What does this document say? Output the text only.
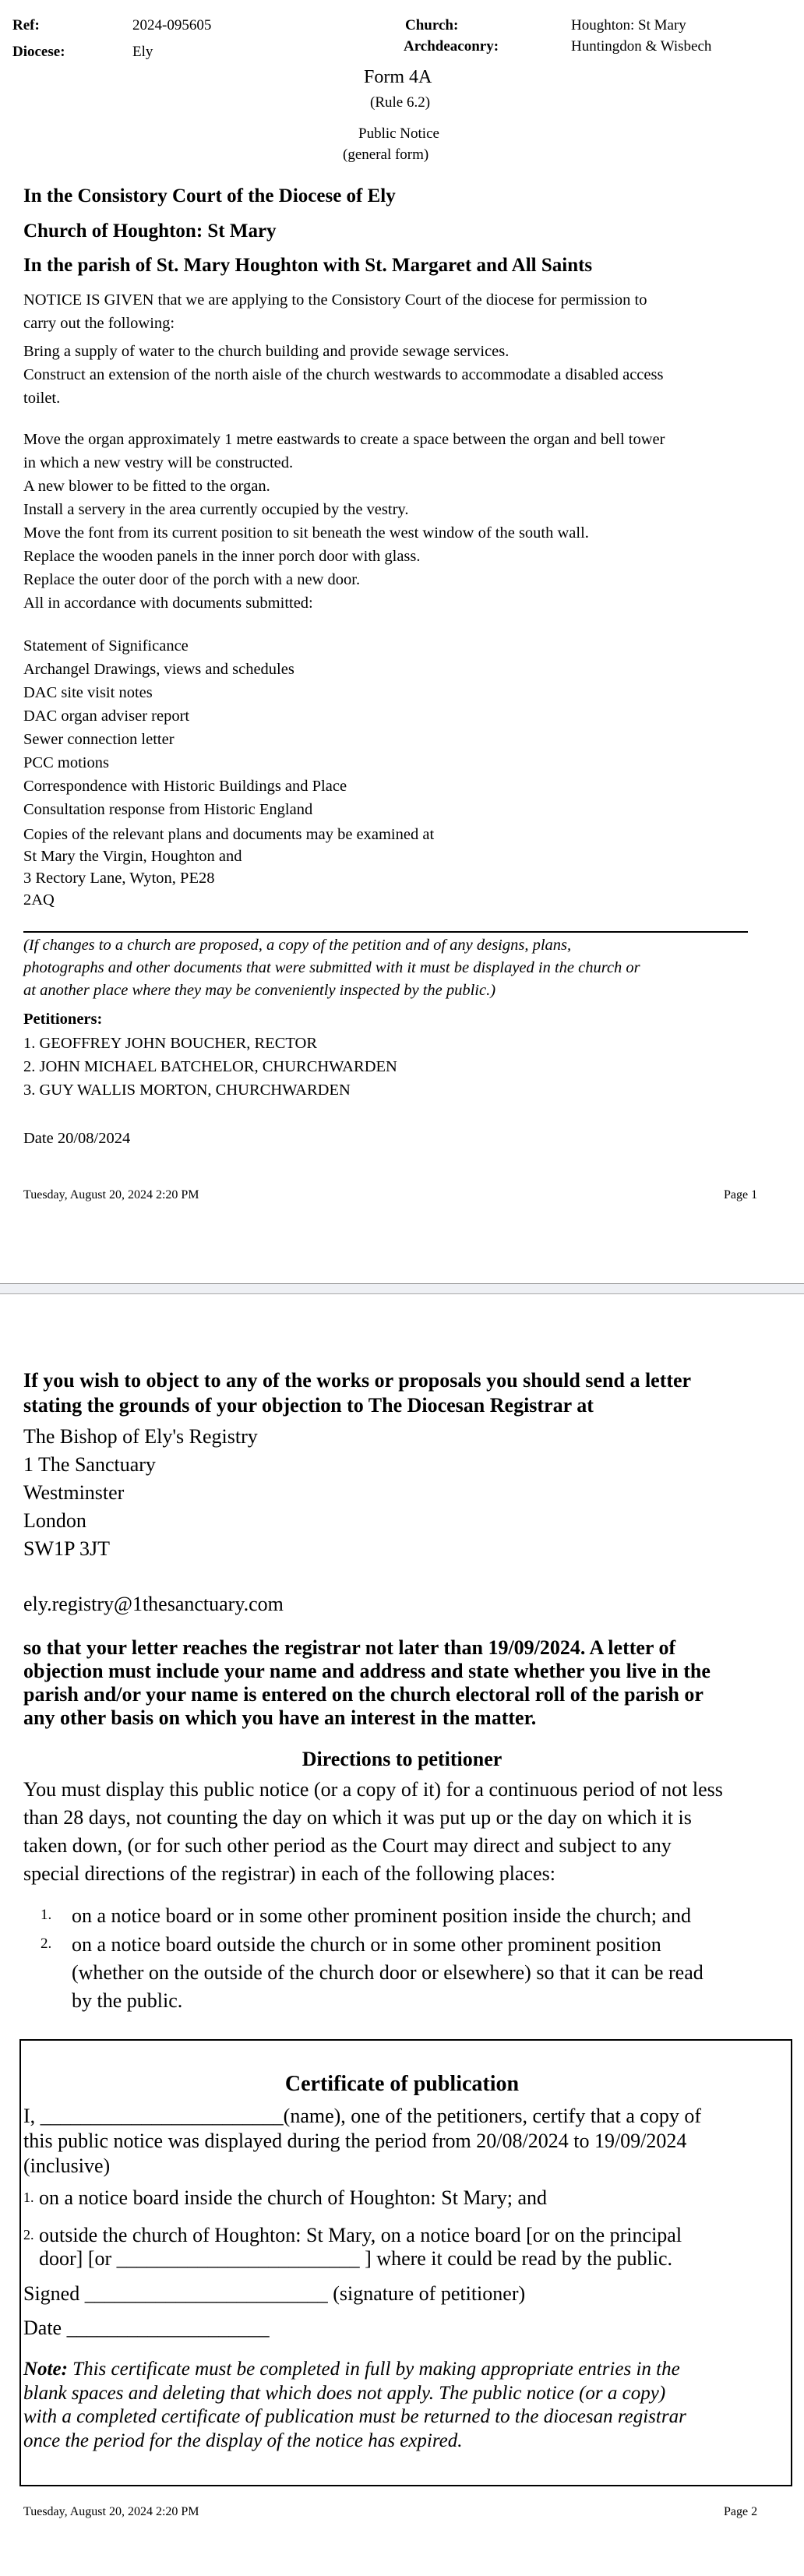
Ref:	2024-095605
Diocese:	Ely
Church:	Houghton: St Mary
Archdeaconry:	Huntingdon & Wisbech
Form 4A
(Rule 6.2)
Public Notice
(general form)
In the Consistory Court of the Diocese of Ely
Church of Houghton: St Mary
In the parish of St. Mary Houghton with St. Margaret and All Saints
NOTICE IS GIVEN that we are applying to the Consistory Court of the diocese for permission to
carry out the following:
Bring a supply of water to the church building and provide sewage services.
Construct an extension of the north aisle of the church westwards to accommodate a disabled access
toilet.
Move the organ approximately 1 metre eastwards to create a space between the organ and bell tower
in which a new vestry will be constructed.
A new blower to be fitted to the organ.
Install a servery in the area currently occupied by the vestry.
Move the font from its current position to sit beneath the west window of the south wall.
Replace the wooden panels in the inner porch door with glass.
Replace the outer door of the porch with a new door.
All in accordance with documents submitted:
Statement of Significance
Archangel Drawings, views and schedules
DAC site visit notes
DAC organ adviser report
Sewer connection letter
PCC motions
Correspondence with Historic Buildings and Place
Consultation response from Historic England
Copies of the relevant plans and documents may be examined at
St Mary the Virgin, Houghton and
3 Rectory Lane, Wyton, PE28
2AQ
(If changes to a church are proposed, a copy of the petition and of any designs, plans,
photographs and other documents that were submitted with it must be displayed in the church or
at another place where they may be conveniently inspected by the public.)
Petitioners:
1. GEOFFREY JOHN BOUCHER, RECTOR
2. JOHN MICHAEL BATCHELOR, CHURCHWARDEN
3. GUY WALLIS MORTON, CHURCHWARDEN
Date 20/08/2024
Tuesday, August 20, 2024 2:20 PM	Page 1
If you wish to object to any of the works or proposals you should send a letter
stating the grounds of your objection to The Diocesan Registrar at
The Bishop of Ely's Registry
1 The Sanctuary
Westminster
London
SW1P 3JT
ely.registry@1thesanctuary.com
so that your letter reaches the registrar not later than 19/09/2024. A letter of
objection must include your name and address and state whether you live in the
parish and/or your name is entered on the church electoral roll of the parish or
any other basis on which you have an interest in the matter.
Directions to petitioner
You must display this public notice (or a copy of it) for a continuous period of not less
than 28 days, not counting the day on which it was put up or the day on which it is
taken down, (or for such other period as the Court may direct and subject to any
special directions of the registrar) in each of the following places:
1. on a notice board or in some other prominent position inside the church; and
2. on a notice board outside the church or in some other prominent position
(whether on the outside of the church door or elsewhere) so that it can be read
by the public.
Certificate of publication
I, ________________________(name), one of the petitioners, certify that a copy of
this public notice was displayed during the period from 20/08/2024 to 19/09/2024
(inclusive)
1. on a notice board inside the church of Houghton: St Mary; and
2. outside the church of Houghton: St Mary, on a notice board [or on the principal
door] [or ________________________ ] where it could be read by the public.
Signed ________________________ (signature of petitioner)
Date ____________________
Note: This certificate must be completed in full by making appropriate entries in the
blank spaces and deleting that which does not apply. The public notice (or a copy)
with a completed certificate of publication must be returned to the diocesan registrar
once the period for the display of the notice has expired.
Tuesday, August 20, 2024 2:20 PM	Page 2
